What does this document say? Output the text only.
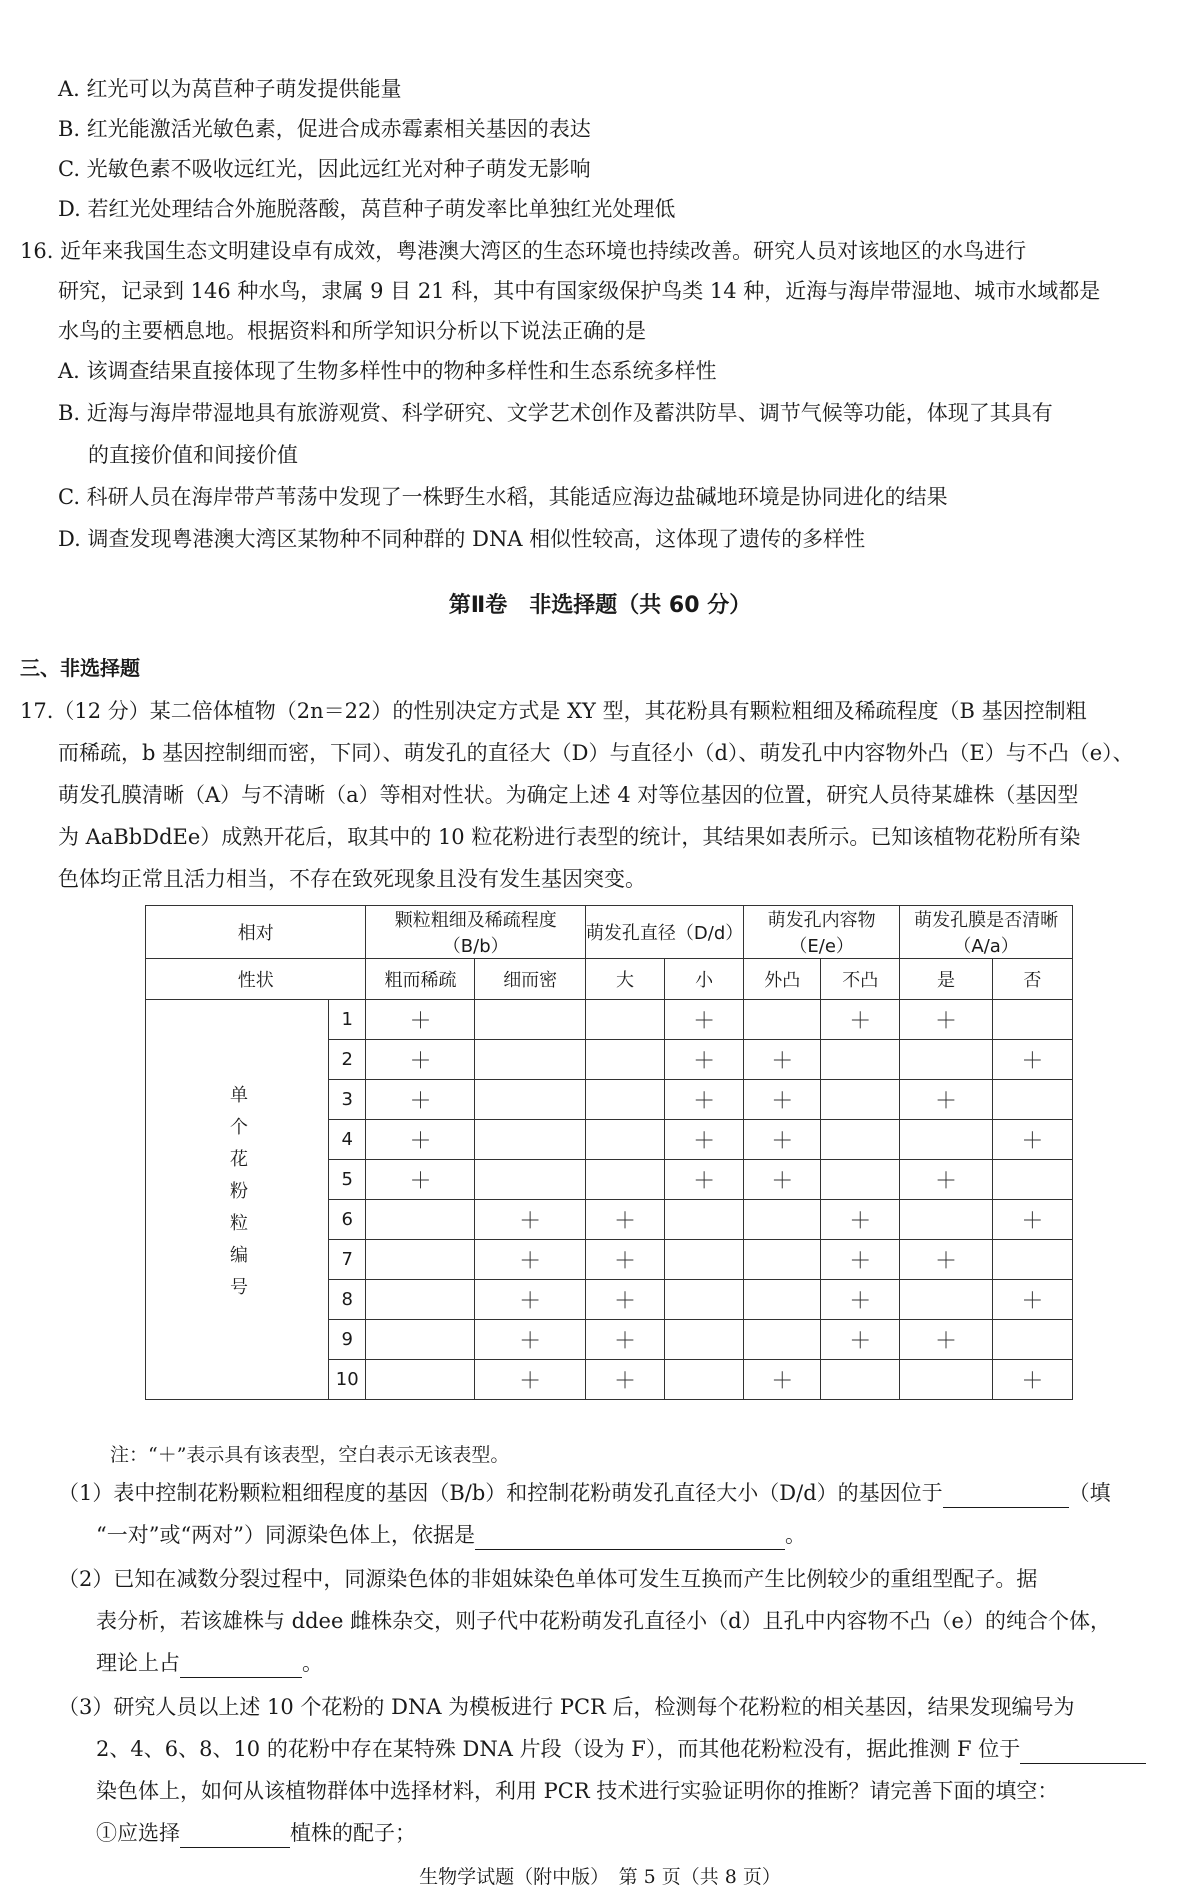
A. 红光可以为莴苣种子萌发提供能量
B. 红光能激活光敏色素，促进合成赤霉素相关基因的表达
C. 光敏色素不吸收远红光，因此远红光对种子萌发无影响
D. 若红光处理结合外施脱落酸，莴苣种子萌发率比单独红光处理低
16. 近年来我国生态文明建设卓有成效，粤港澳大湾区的生态环境也持续改善。研究人员对该地区的水鸟进行
研究，记录到 146 种水鸟，隶属 9 目 21 科，其中有国家级保护鸟类 14 种，近海与海岸带湿地、城市水域都是
水鸟的主要栖息地。根据资料和所学知识分析以下说法正确的是
A. 该调查结果直接体现了生物多样性中的物种多样性和生态系统多样性
B. 近海与海岸带湿地具有旅游观赏、科学研究、文学艺术创作及蓄洪防旱、调节气候等功能，体现了其具有
的直接价值和间接价值
C. 科研人员在海岸带芦苇荡中发现了一株野生水稻，其能适应海边盐碱地环境是协同进化的结果
D. 调查发现粤港澳大湾区某物种不同种群的 DNA 相似性较高，这体现了遗传的多样性
第Ⅱ卷　非选择题（共 60 分）
三、非选择题
17.（12 分）某二倍体植物（2n＝22）的性别决定方式是 XY 型，其花粉具有颗粒粗细及稀疏程度（B 基因控制粗
而稀疏，b 基因控制细而密，下同）、萌发孔的直径大（D）与直径小（d）、萌发孔中内容物外凸（E）与不凸（e）、
萌发孔膜清晰（A）与不清晰（a）等相对性状。为确定上述 4 对等位基因的位置，研究人员待某雄株（基因型
为 AaBbDdEe）成熟开花后，取其中的 10 粒花粉进行表型的统计，其结果如表所示。已知该植物花粉所有染
色体均正常且活力相当，不存在致死现象且没有发生基因突变。
相对		颗粒粗细及稀疏程度（B/b）		萌发孔直径（D/d）		萌发孔内容物（E/e）		萌发孔膜是否清晰（A/a）	
性状		粗而稀疏	细而密	大	小	外凸	不凸	是	否
单个花粉粒编号	1	＋			＋		＋	＋	
	2	＋			＋	＋			＋
	3	＋			＋	＋		＋	
	4	＋			＋	＋			＋
	5	＋			＋	＋		＋	
	6		＋	＋			＋		＋
	7		＋	＋			＋	＋	
	8		＋	＋			＋		＋
	9		＋	＋			＋	＋	
	10		＋	＋		＋			＋
注：“＋”表示具有该表型，空白表示无该表型。
（1）表中控制花粉颗粒粗细程度的基因（B/b）和控制花粉萌发孔直径大小（D/d）的基因位于	（填
“一对”或“两对”）同源染色体上，依据是	。
（2）已知在减数分裂过程中，同源染色体的非姐妹染色单体可发生互换而产生比例较少的重组型配子。据
表分析，若该雄株与 ddee 雌株杂交，则子代中花粉萌发孔直径小（d）且孔中内容物不凸（e）的纯合个体，
理论上占	。
（3）研究人员以上述 10 个花粉的 DNA 为模板进行 PCR 后，检测每个花粉粒的相关基因，结果发现编号为
2、4、6、8、10 的花粉中存在某特殊 DNA 片段（设为 F），而其他花粉粒没有，据此推测 F 位于
染色体上，如何从该植物群体中选择材料，利用 PCR 技术进行实验证明你的推断？请完善下面的填空：
①应选择	植株的配子；
生物学试题（附中版）　第 5 页（共 8 页）
